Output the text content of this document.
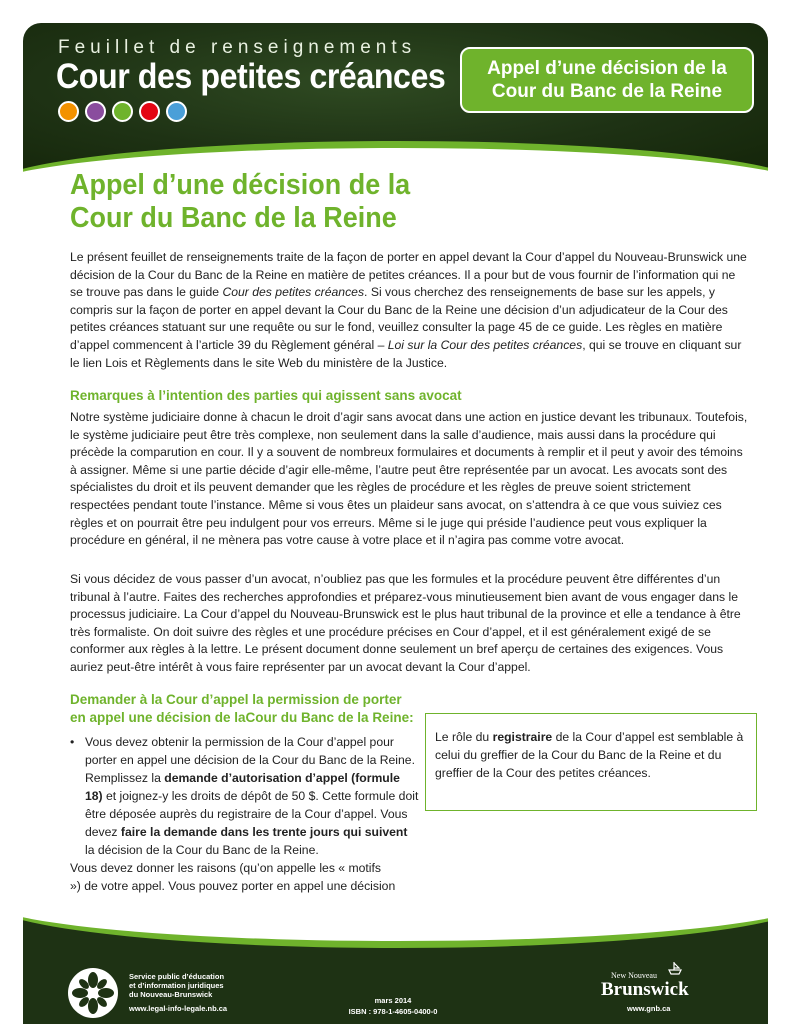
Feuillet de renseignements
Cour des petites créances	Appel d’une décision de la
Cour du Banc de la Reine
Appel d’une décision de la
Cour du Banc de la Reine

Le présent feuillet de renseignements traite de la façon de porter en appel devant la Cour d’appel du Nouveau-Brunswick une décision de la Cour du Banc de la Reine en matière de petites créances. Il a pour but de vous fournir de l’information qui ne se trouve pas dans le guide Cour des petites créances. Si vous cherchez des renseignements de base sur les appels, y compris sur la façon de porter en appel devant la Cour du Banc de la Reine une décision d’un adjudicateur de la Cour des petites créances statuant sur une requête ou sur le fond, veuillez consulter la page 45 de ce guide. Les règles en matière d’appel commencent à l’article 39 du Règlement général – Loi sur la Cour des petites créances, qui se trouve en cliquant sur le lien Lois et Règlements dans le site Web du ministère de la Justice.

Remarques à l’intention des parties qui agissent sans avocat

Notre système judiciaire donne à chacun le droit d’agir sans avocat dans une action en justice devant les tribunaux. Toutefois, le système judiciaire peut être très complexe, non seulement dans la salle d’audience, mais aussi dans la procédure qui précède la comparution en cour. Il y a souvent de nombreux formulaires et documents à remplir et il peut y avoir des témoins à assigner. Même si une partie décide d’agir elle-même, l’autre peut être représentée par un avocat. Les avocats sont des spécialistes du droit et ils peuvent demander que les règles de procédure et les règles de preuve soient strictement respectées pendant toute l’instance. Même si vous êtes un plaideur sans avocat, on s’attendra à ce que vous suiviez ces règles et on pourrait être peu indulgent pour vos erreurs. Même si le juge qui préside l’audience peut vous expliquer la procédure en général, il ne mènera pas votre cause à votre place et il n’agira pas comme votre avocat.

Si vous décidez de vous passer d’un avocat, n’oubliez pas que les formules et la procédure peuvent être différentes d’un tribunal à l’autre. Faites des recherches approfondies et préparez-vous minutieusement bien avant de vous engager dans le processus judiciaire. La Cour d’appel du Nouveau-Brunswick est le plus haut tribunal de la province et elle a tendance à être très formaliste. On doit suivre des règles et une procédure précises en Cour d’appel, et il est généralement exigé de se conformer aux règles à la lettre. Le présent document donne seulement un bref aperçu de certaines des exigences. Vous auriez peut-être intérêt à vous faire représenter par un avocat devant la Cour d’appel.

Demander à la Cour d’appel la permission de porter
en appel une décision de laCour du Banc de la Reine:
• Vous devez obtenir la permission de la Cour d’appel pour porter en appel une décision de la Cour du Banc de la Reine. Remplissez la demande d’autorisation d’appel (formule 18) et joignez-y les droits de dépôt de 50 $. Cette formule doit être déposée auprès du registraire de la Cour d’appel. Vous devez faire la demande dans les trente jours qui suivent la décision de la Cour du Banc de la Reine.

Vous devez donner les raisons (qu’on appelle les « motifs ») de votre appel. Vous pouvez porter en appel une décision

Le rôle du registraire de la Cour d’appel est semblable à celui du greffier de la Cour du Banc de la Reine et du greffier de la Cour des petites créances.

Service public d’éducation
et d’information juridiques
du Nouveau-Brunswick
www.legal-info-legale.nb.ca
mars 2014
ISBN : 978-1-4605-0400-0
New Nouveau
Brunswick
www.gnb.ca
